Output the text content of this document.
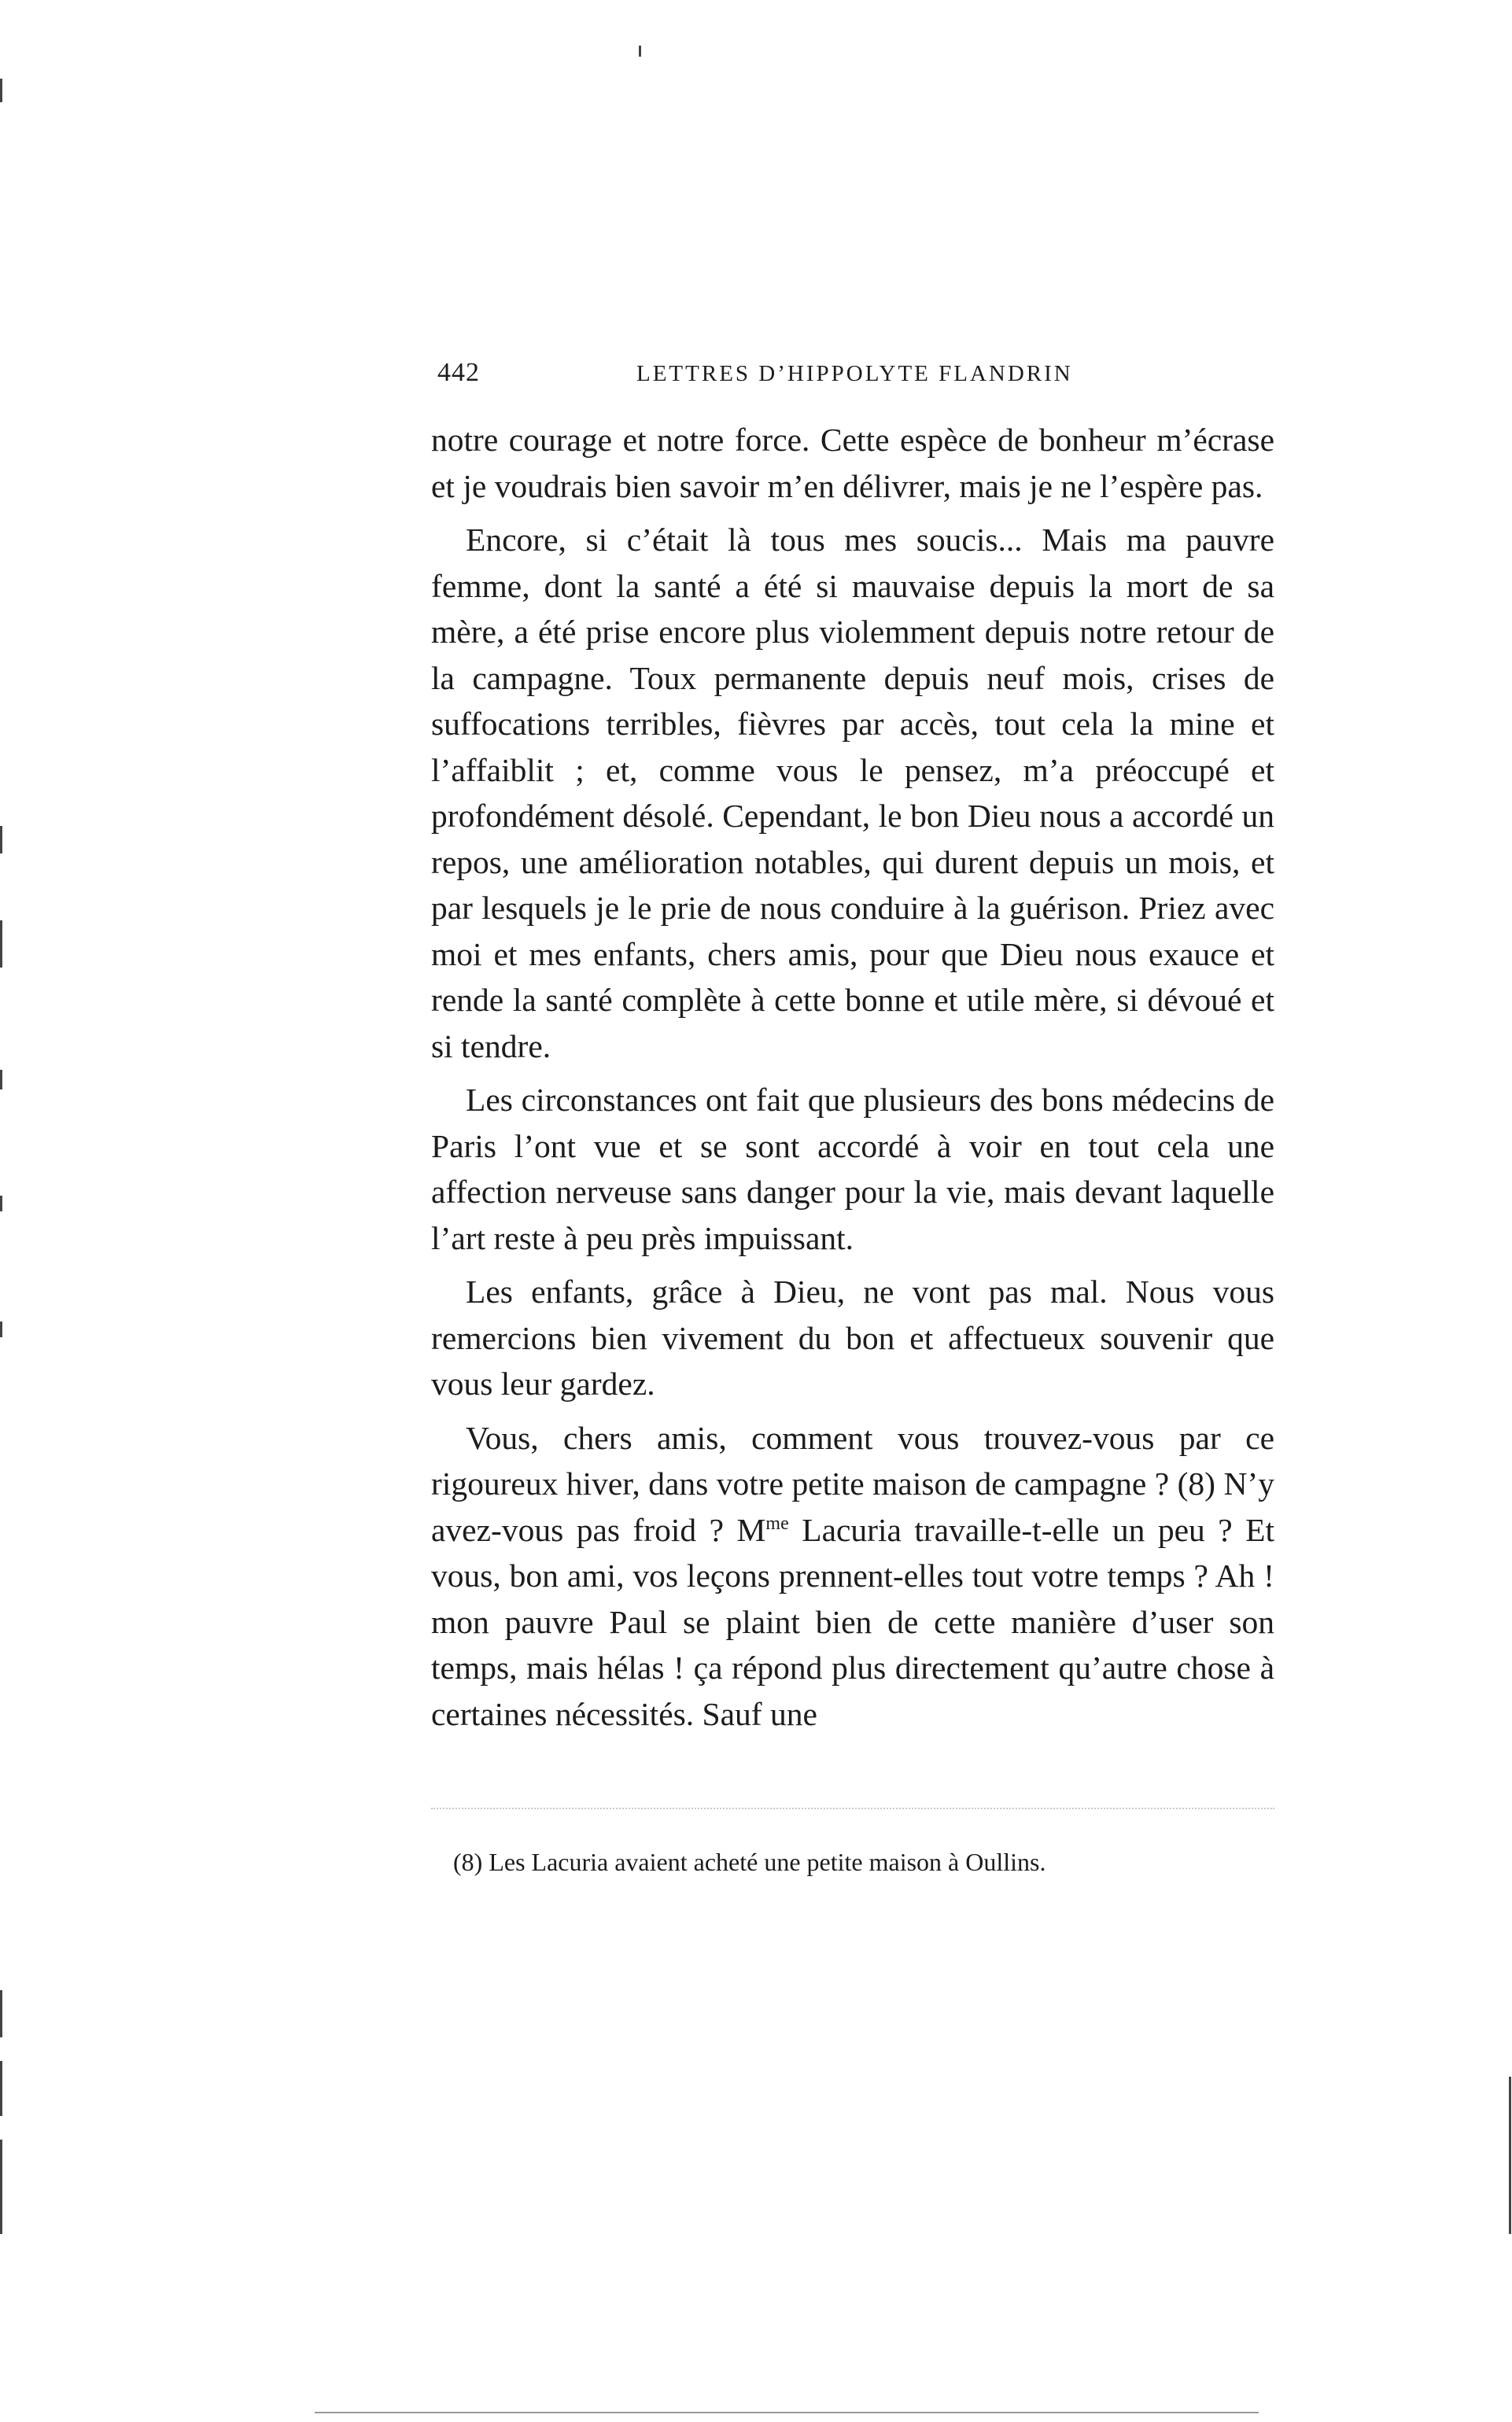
442	LETTRES D’HIPPOLYTE FLANDRIN

notre courage et notre force. Cette espèce de bonheur m’écrase et je voudrais bien savoir m’en délivrer, mais je ne l’espère pas.

Encore, si c’était là tous mes soucis... Mais ma pauvre femme, dont la santé a été si mauvaise depuis la mort de sa mère, a été prise encore plus violemment depuis notre retour de la campagne. Toux permanente depuis neuf mois, crises de suffocations terribles, fièvres par accès, tout cela la mine et l’affaiblit ; et, comme vous le pensez, m’a préoccupé et profondément désolé. Cependant, le bon Dieu nous a accordé un repos, une amélioration notables, qui durent depuis un mois, et par lesquels je le prie de nous conduire à la guérison. Priez avec moi et mes enfants, chers amis, pour que Dieu nous exauce et rende la santé complète à cette bonne et utile mère, si dévoué et si tendre.

Les circonstances ont fait que plusieurs des bons médecins de Paris l’ont vue et se sont accordé à voir en tout cela une affection nerveuse sans danger pour la vie, mais devant laquelle l’art reste à peu près impuissant.

Les enfants, grâce à Dieu, ne vont pas mal. Nous vous remercions bien vivement du bon et affectueux souvenir que vous leur gardez.

Vous, chers amis, comment vous trouvez-vous par ce rigoureux hiver, dans votre petite maison de campagne ? (8) N’y avez-vous pas froid ? $M^{me}$ Lacuria travaille-t-elle un peu ? Et vous, bon ami, vos leçons prennent-elles tout votre temps ? Ah ! mon pauvre Paul se plaint bien de cette manière d’user son temps, mais hélas ! ça répond plus directement qu’autre chose à certaines nécessités. Sauf une

(8) Les Lacuria avaient acheté une petite maison à Oullins.
